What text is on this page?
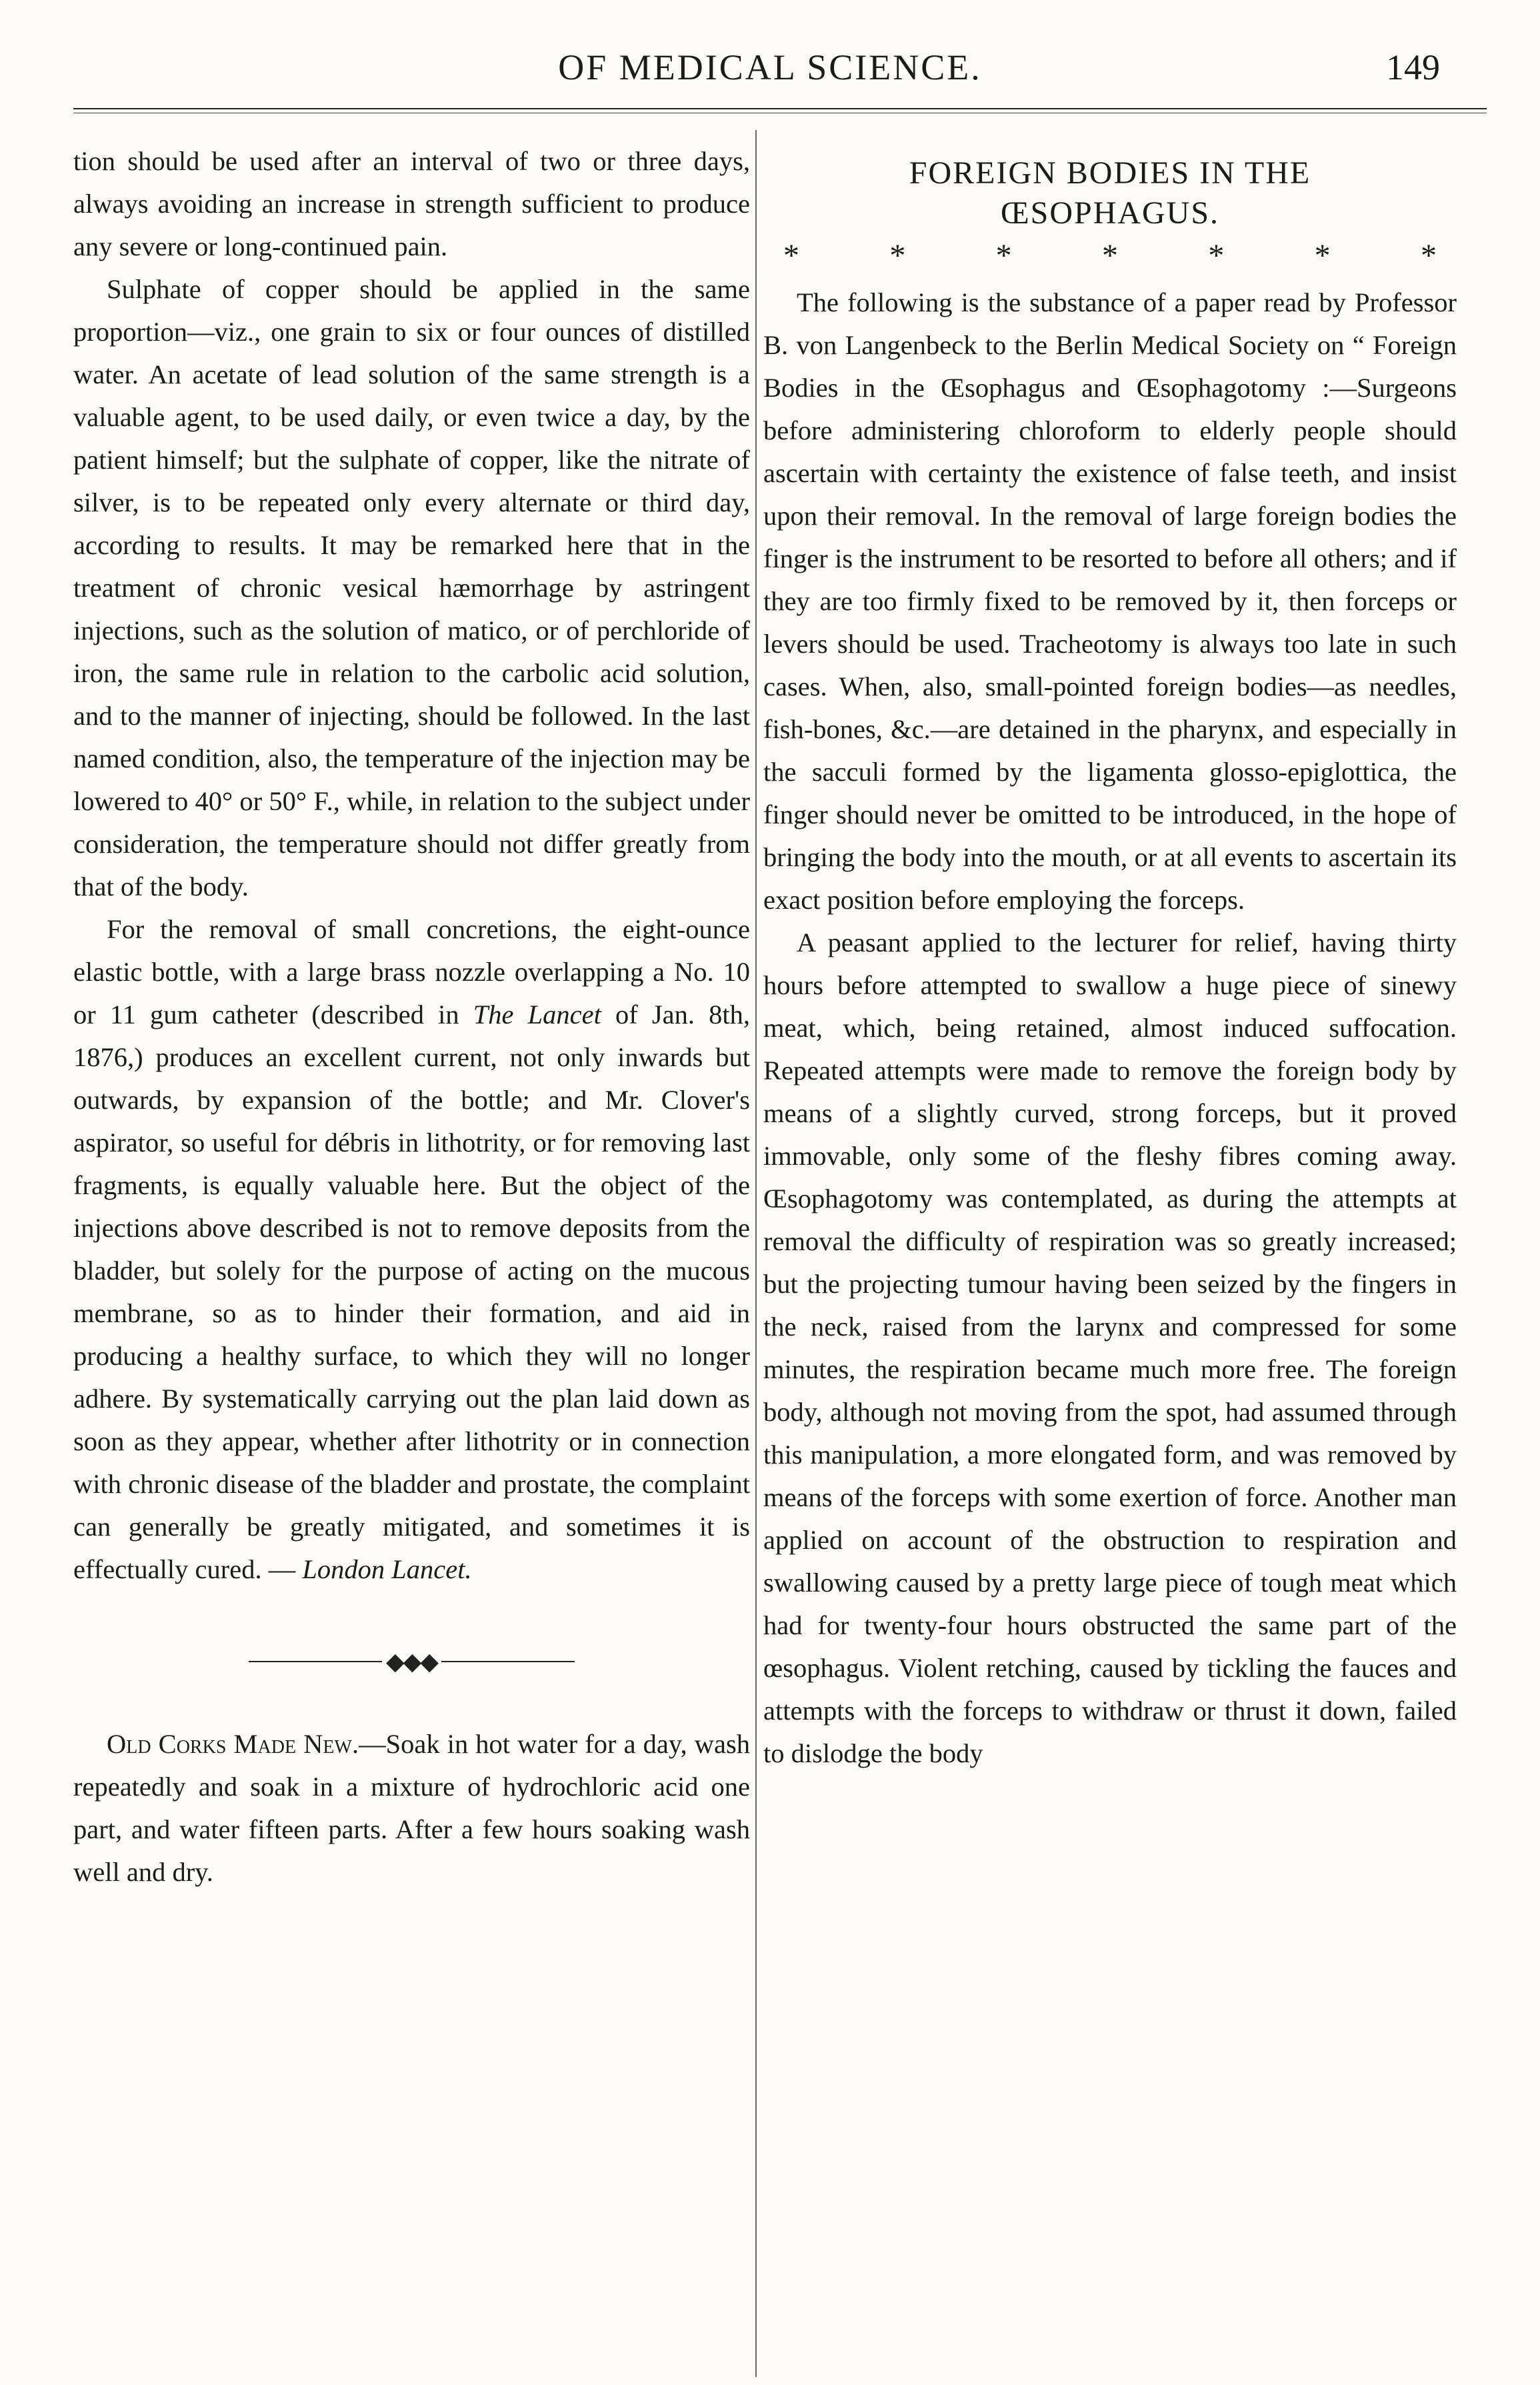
OF MEDICAL SCIENCE.	149

tion should be used after an interval of two or three days, always avoiding an increase in strength sufficient to produce any severe or long-continued pain.

Sulphate of copper should be applied in the same proportion—viz., one grain to six or four ounces of distilled water. An acetate of lead solution of the same strength is a valuable agent, to be used daily, or even twice a day, by the patient himself; but the sulphate of copper, like the nitrate of silver, is to be repeated only every alternate or third day, according to results. It may be remarked here that in the treatment of chronic vesical hæmorrhage by astringent injections, such as the solution of matico, or of perchloride of iron, the same rule in relation to the carbolic acid solution, and to the manner of injecting, should be followed. In the last named condition, also, the temperature of the injection may be lowered to 40° or 50° F., while, in relation to the subject under consideration, the temperature should not differ greatly from that of the body.

For the removal of small concretions, the eight-ounce elastic bottle, with a large brass nozzle overlapping a No. 10 or 11 gum catheter (described in The Lancet of Jan. 8th, 1876,) produces an excellent current, not only inwards but outwards, by expansion of the bottle; and Mr. Clover's aspirator, so useful for débris in lithotrity, or for removing last fragments, is equally valuable here. But the object of the injections above described is not to remove deposits from the bladder, but solely for the purpose of acting on the mucous membrane, so as to hinder their formation, and aid in producing a healthy surface, to which they will no longer adhere. By systematically carrying out the plan laid down as soon as they appear, whether after lithotrity or in connection with chronic disease of the bladder and prostate, the complaint can generally be greatly mitigated, and sometimes it is effectually cured. — London Lancet.

◆◆◆

Old Corks Made New.—Soak in hot water for a day, wash repeatedly and soak in a mixture of hydrochloric acid one part, and water fifteen parts. After a few hours soaking wash well and dry.

FOREIGN BODIES IN THE
ŒSOPHAGUS.
*	*	*	*	*	*	*

The following is the substance of a paper read by Professor B. von Langenbeck to the Berlin Medical Society on “ Foreign Bodies in the Œsophagus and Œsophagotomy :—Surgeons before administering chloroform to elderly people should ascertain with certainty the existence of false teeth, and insist upon their removal. In the removal of large foreign bodies the finger is the instrument to be resorted to before all others; and if they are too firmly fixed to be removed by it, then forceps or levers should be used. Tracheotomy is always too late in such cases. When, also, small-pointed foreign bodies—as needles, fish-bones, &c.—are detained in the pharynx, and especially in the sacculi formed by the ligamenta glosso-epiglottica, the finger should never be omitted to be introduced, in the hope of bringing the body into the mouth, or at all events to ascertain its exact position before employing the forceps.

A peasant applied to the lecturer for relief, having thirty hours before attempted to swallow a huge piece of sinewy meat, which, being retained, almost induced suffocation. Repeated attempts were made to remove the foreign body by means of a slightly curved, strong forceps, but it proved immovable, only some of the fleshy fibres coming away. Œsophagotomy was contemplated, as during the attempts at removal the difficulty of respiration was so greatly increased; but the projecting tumour having been seized by the fingers in the neck, raised from the larynx and compressed for some minutes, the respiration became much more free. The foreign body, although not moving from the spot, had assumed through this manipulation, a more elongated form, and was removed by means of the forceps with some exertion of force. Another man applied on account of the obstruction to respiration and swallowing caused by a pretty large piece of tough meat which had for twenty-four hours obstructed the same part of the œsophagus. Violent retching, caused by tickling the fauces and attempts with the forceps to withdraw or thrust it down, failed to dislodge the body
